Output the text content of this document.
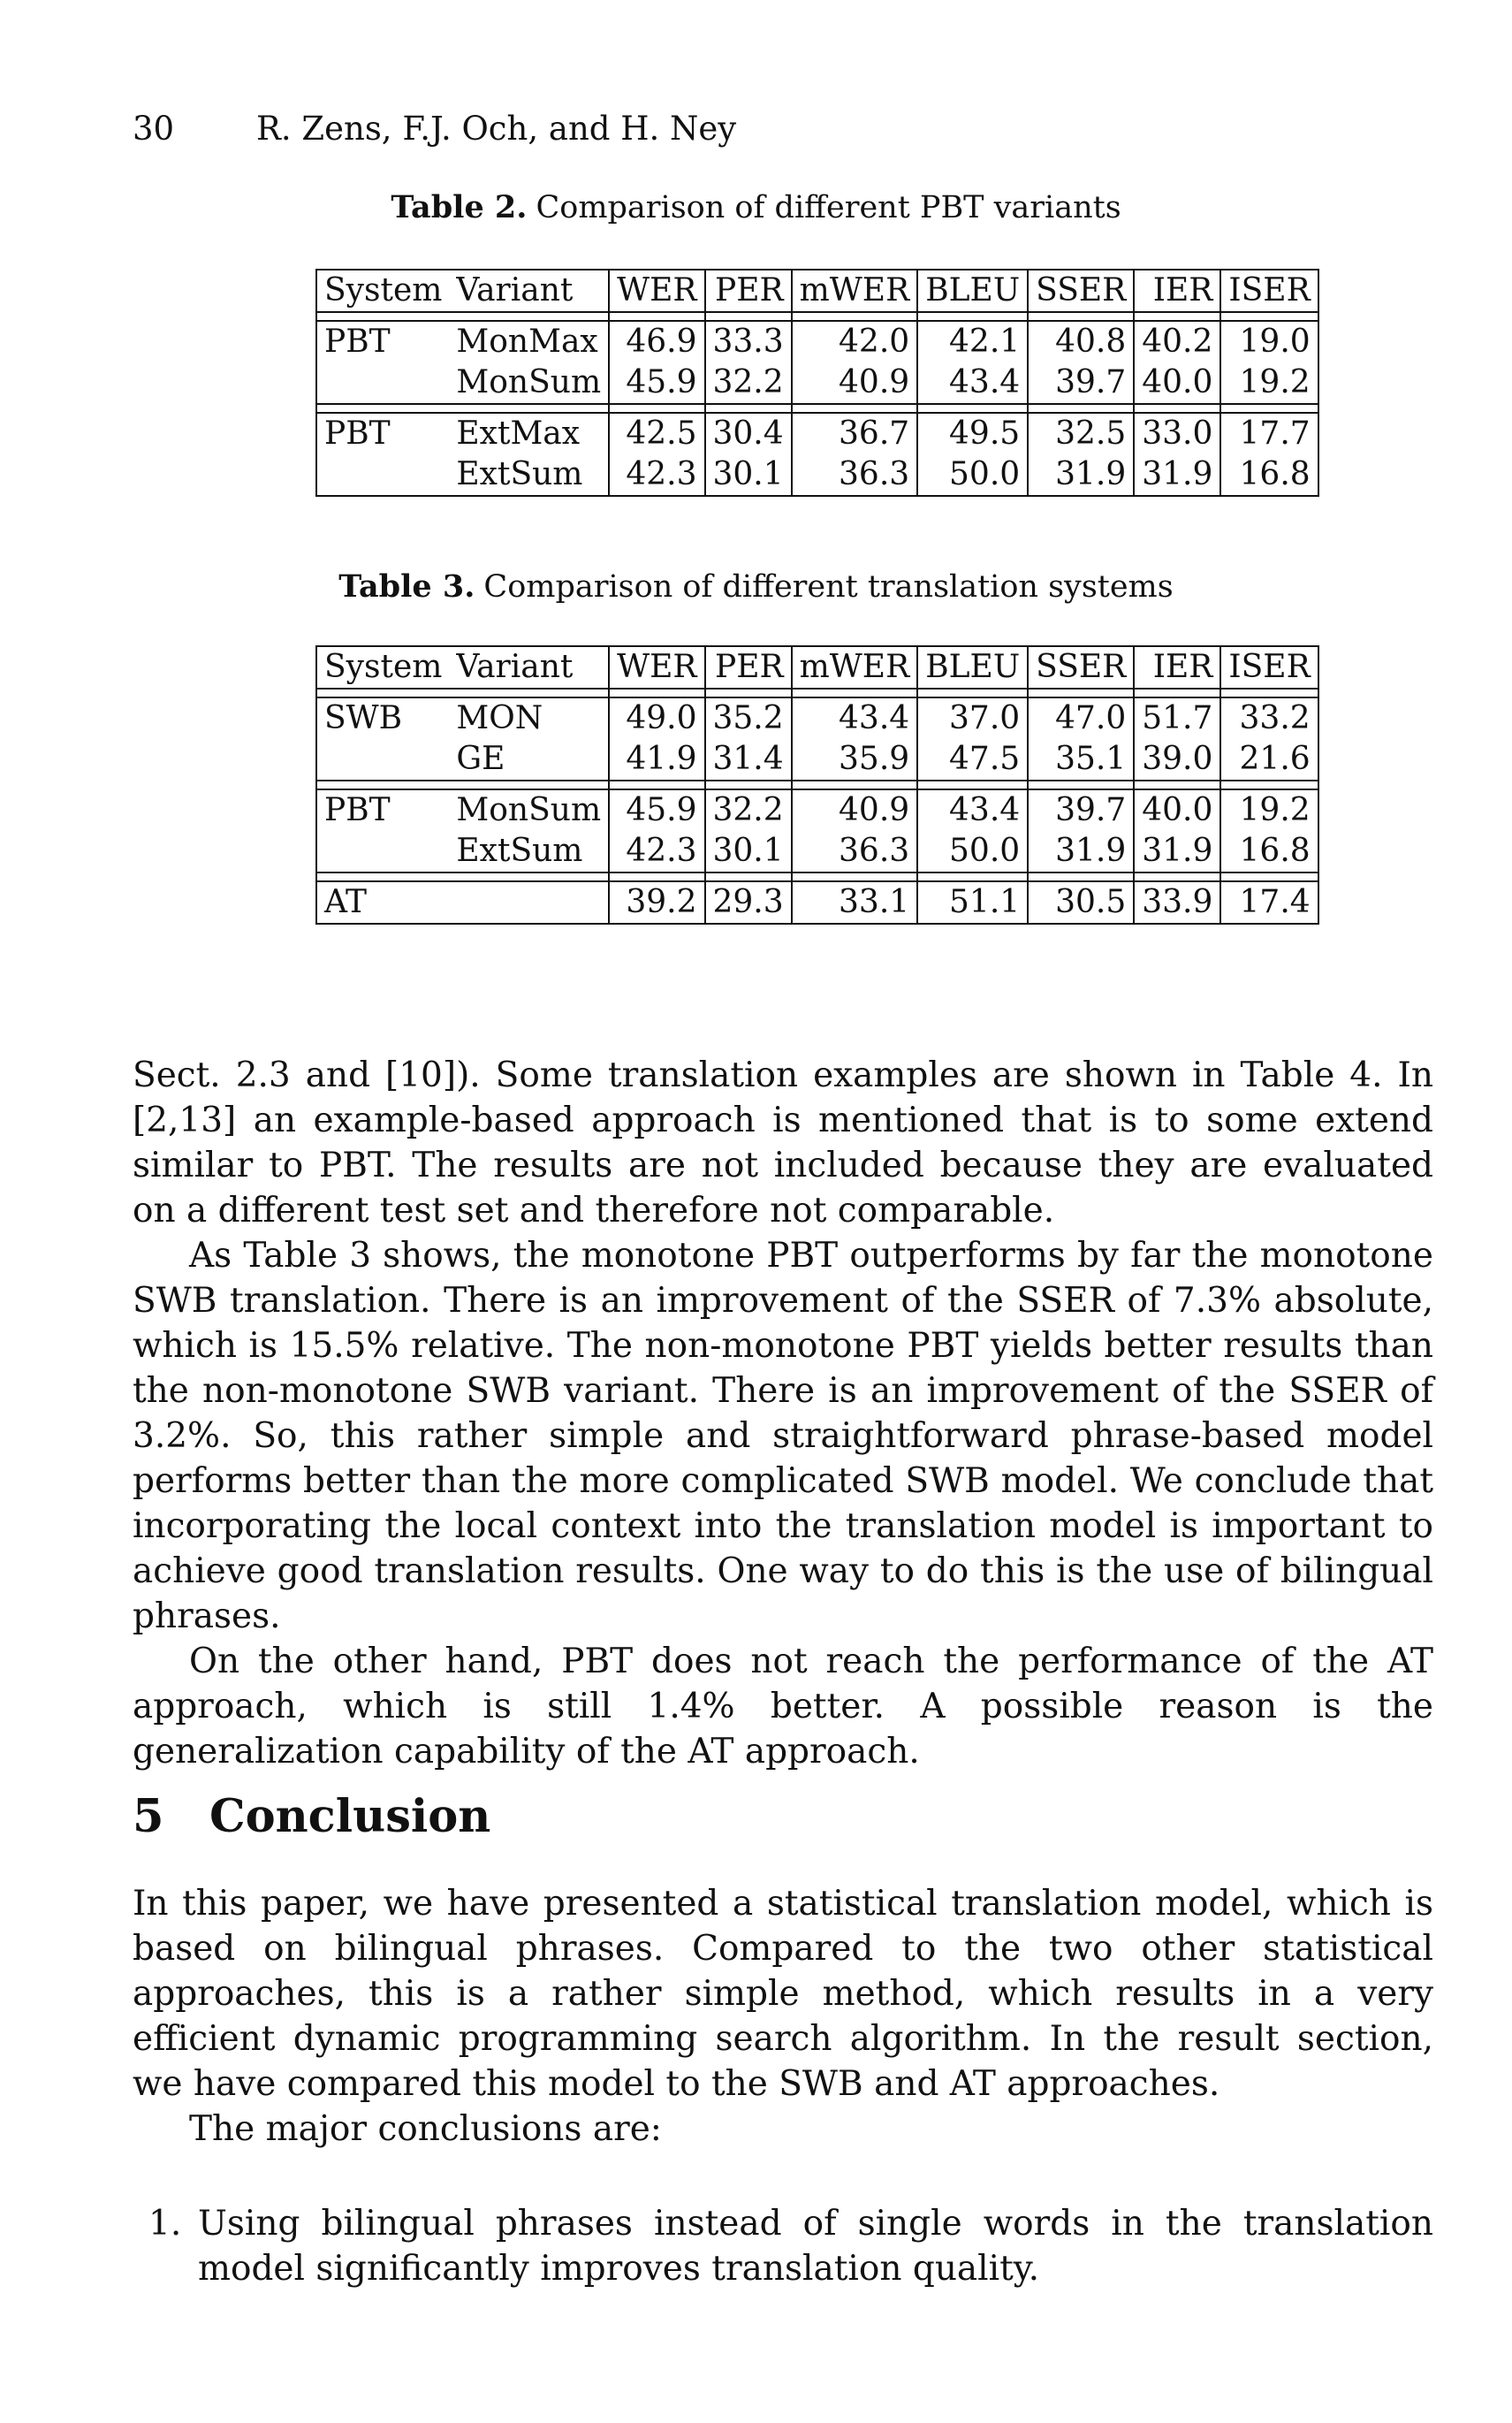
30	R. Zens, F.J. Och, and H. Ney
Table 2. Comparison of different PBT variants
System	Variant	WER	PER	mWER	BLEU	SSER	IER	ISER

PBT	MonMax	46.9	33.3	42.0	42.1	40.8	40.2	19.0
	MonSum	45.9	32.2	40.9	43.4	39.7	40.0	19.2

PBT	ExtMax	42.5	30.4	36.7	49.5	32.5	33.0	17.7
	ExtSum	42.3	30.1	36.3	50.0	31.9	31.9	16.8
Table 3. Comparison of different translation systems
System	Variant	WER	PER	mWER	BLEU	SSER	IER	ISER

SWB	MON	49.0	35.2	43.4	37.0	47.0	51.7	33.2
	GE	41.9	31.4	35.9	47.5	35.1	39.0	21.6

PBT	MonSum	45.9	32.2	40.9	43.4	39.7	40.0	19.2
	ExtSum	42.3	30.1	36.3	50.0	31.9	31.9	16.8

AT		39.2	29.3	33.1	51.1	30.5	33.9	17.4

Sect. 2.3 and [10]). Some translation examples are shown in Table 4. In [2,13] an example-based approach is mentioned that is to some extend similar to PBT. The results are not included because they are evaluated on a different test set and therefore not comparable.

As Table 3 shows, the monotone PBT outperforms by far the monotone SWB translation. There is an improvement of the SSER of 7.3% absolute, which is 15.5% relative. The non-monotone PBT yields better results than the non-monotone SWB variant. There is an improvement of the SSER of 3.2%. So, this rather simple and straightforward phrase-based model performs better than the more complicated SWB model. We conclude that incorporating the local context into the translation model is important to achieve good translation results. One way to do this is the use of bilingual phrases.

On the other hand, PBT does not reach the performance of the AT approach, which is still 1.4% better. A possible reason is the generalization capability of the AT approach.

5 Conclusion

In this paper, we have presented a statistical translation model, which is based on bilingual phrases. Compared to the two other statistical approaches, this is a rather simple method, which results in a very efficient dynamic programming search algorithm. In the result section, we have compared this model to the SWB and AT approaches.

The major conclusions are:

1. Using bilingual phrases instead of single words in the translation model significantly improves translation quality.
